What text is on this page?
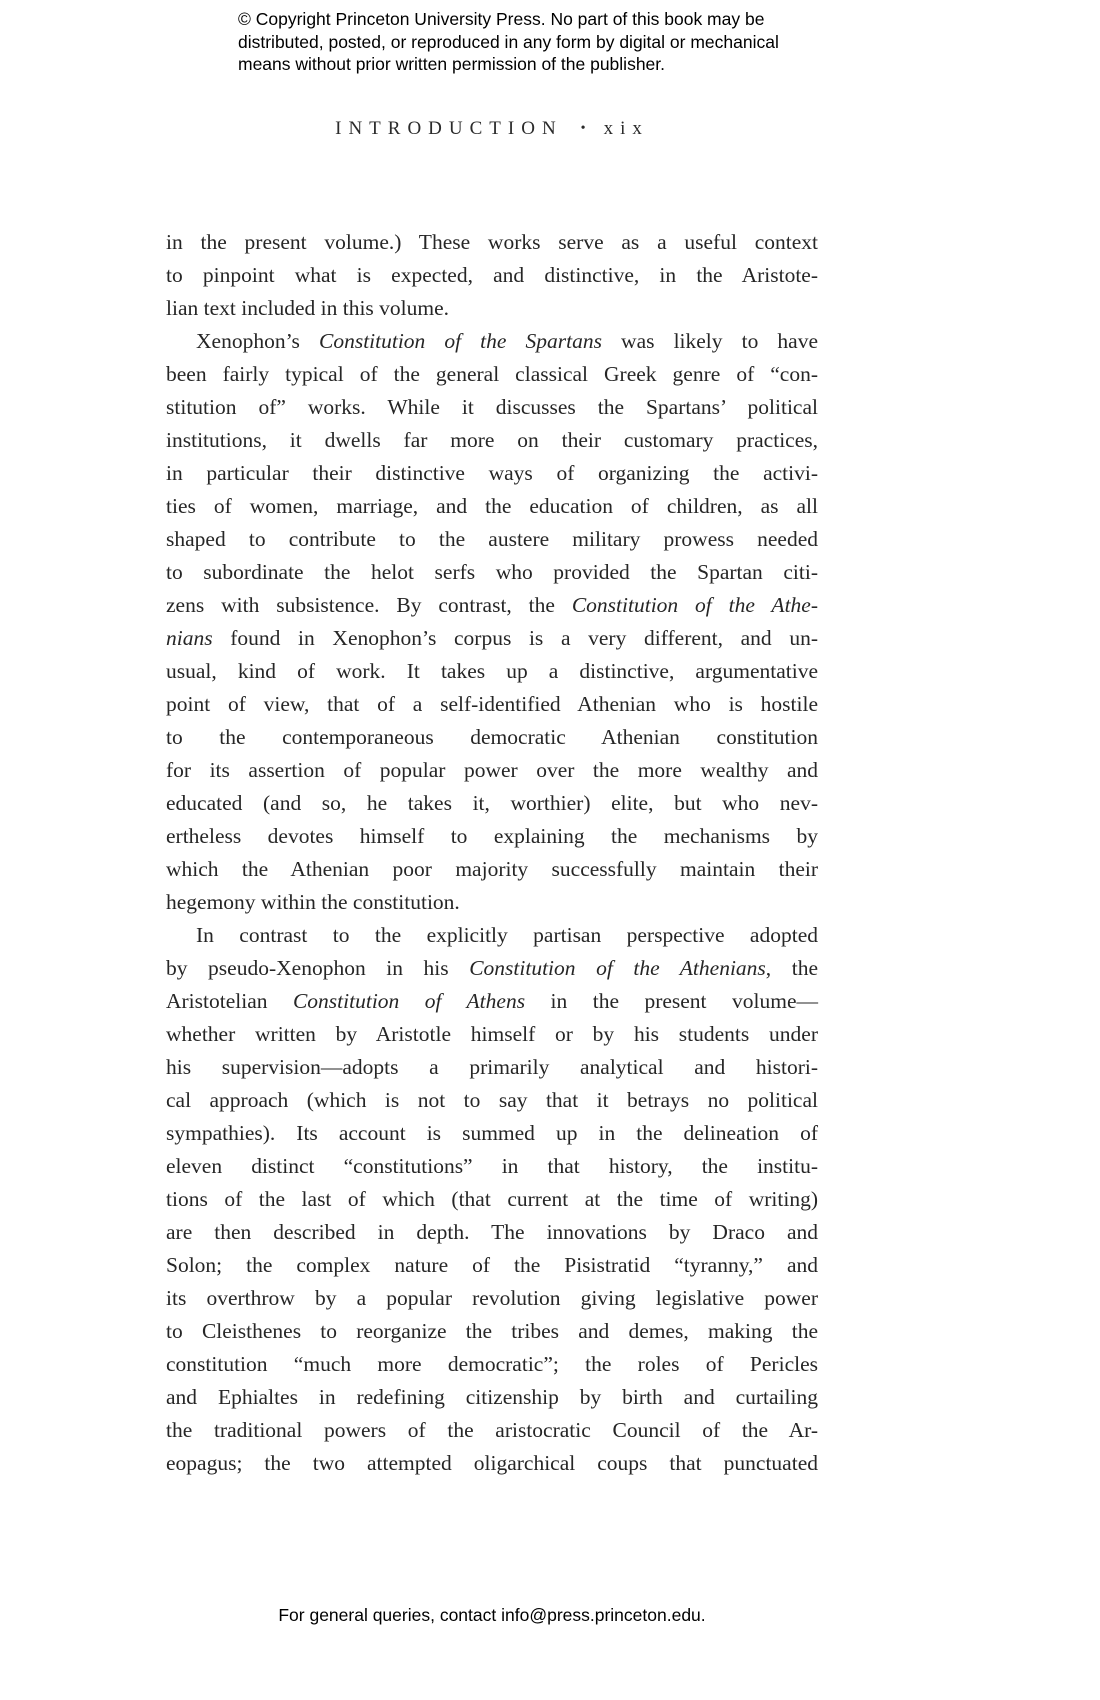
© Copyright Princeton University Press. No part of this book may be
distributed, posted, or reproduced in any form by digital or mechanical
means without prior written permission of the publisher.
INTRODUCTION • xix
in the present volume.) These works serve as a useful context
to pinpoint what is expected, and distinctive, in the Aristote-
lian text included in this volume.
Xenophon’s Constitution of the Spartans was likely to have
been fairly typical of the general classical Greek genre of “con-
stitution of” works. While it discusses the Spartans’ political
institutions, it dwells far more on their customary practices,
in particular their distinctive ways of organizing the activi-
ties of women, marriage, and the education of children, as all
shaped to contribute to the austere military prowess needed
to subordinate the helot serfs who provided the Spartan citi-
zens with subsistence. By contrast, the Constitution of the Athe-
nians found in Xenophon’s corpus is a very different, and un-
usual, kind of work. It takes up a distinctive, argumentative
point of view, that of a self-identified Athenian who is hostile
to the contemporaneous democratic Athenian constitution
for its assertion of popular power over the more wealthy and
educated (and so, he takes it, worthier) elite, but who nev-
ertheless devotes himself to explaining the mechanisms by
which the Athenian poor majority successfully maintain their
hegemony within the constitution.
In contrast to the explicitly partisan perspective adopted
by pseudo-Xenophon in his Constitution of the Athenians, the
Aristotelian Constitution of Athens in the present volume—
whether written by Aristotle himself or by his students under
his supervision—adopts a primarily analytical and histori-
cal approach (which is not to say that it betrays no political
sympathies). Its account is summed up in the delineation of
eleven distinct “constitutions” in that history, the institu-
tions of the last of which (that current at the time of writing)
are then described in depth. The innovations by Draco and
Solon; the complex nature of the Pisistratid “tyranny,” and
its overthrow by a popular revolution giving legislative power
to Cleisthenes to reorganize the tribes and demes, making the
constitution “much more democratic”; the roles of Pericles
and Ephialtes in redefining citizenship by birth and curtailing
the traditional powers of the aristocratic Council of the Ar-
eopagus; the two attempted oligarchical coups that punctuated
For general queries, contact info@press.princeton.edu.
